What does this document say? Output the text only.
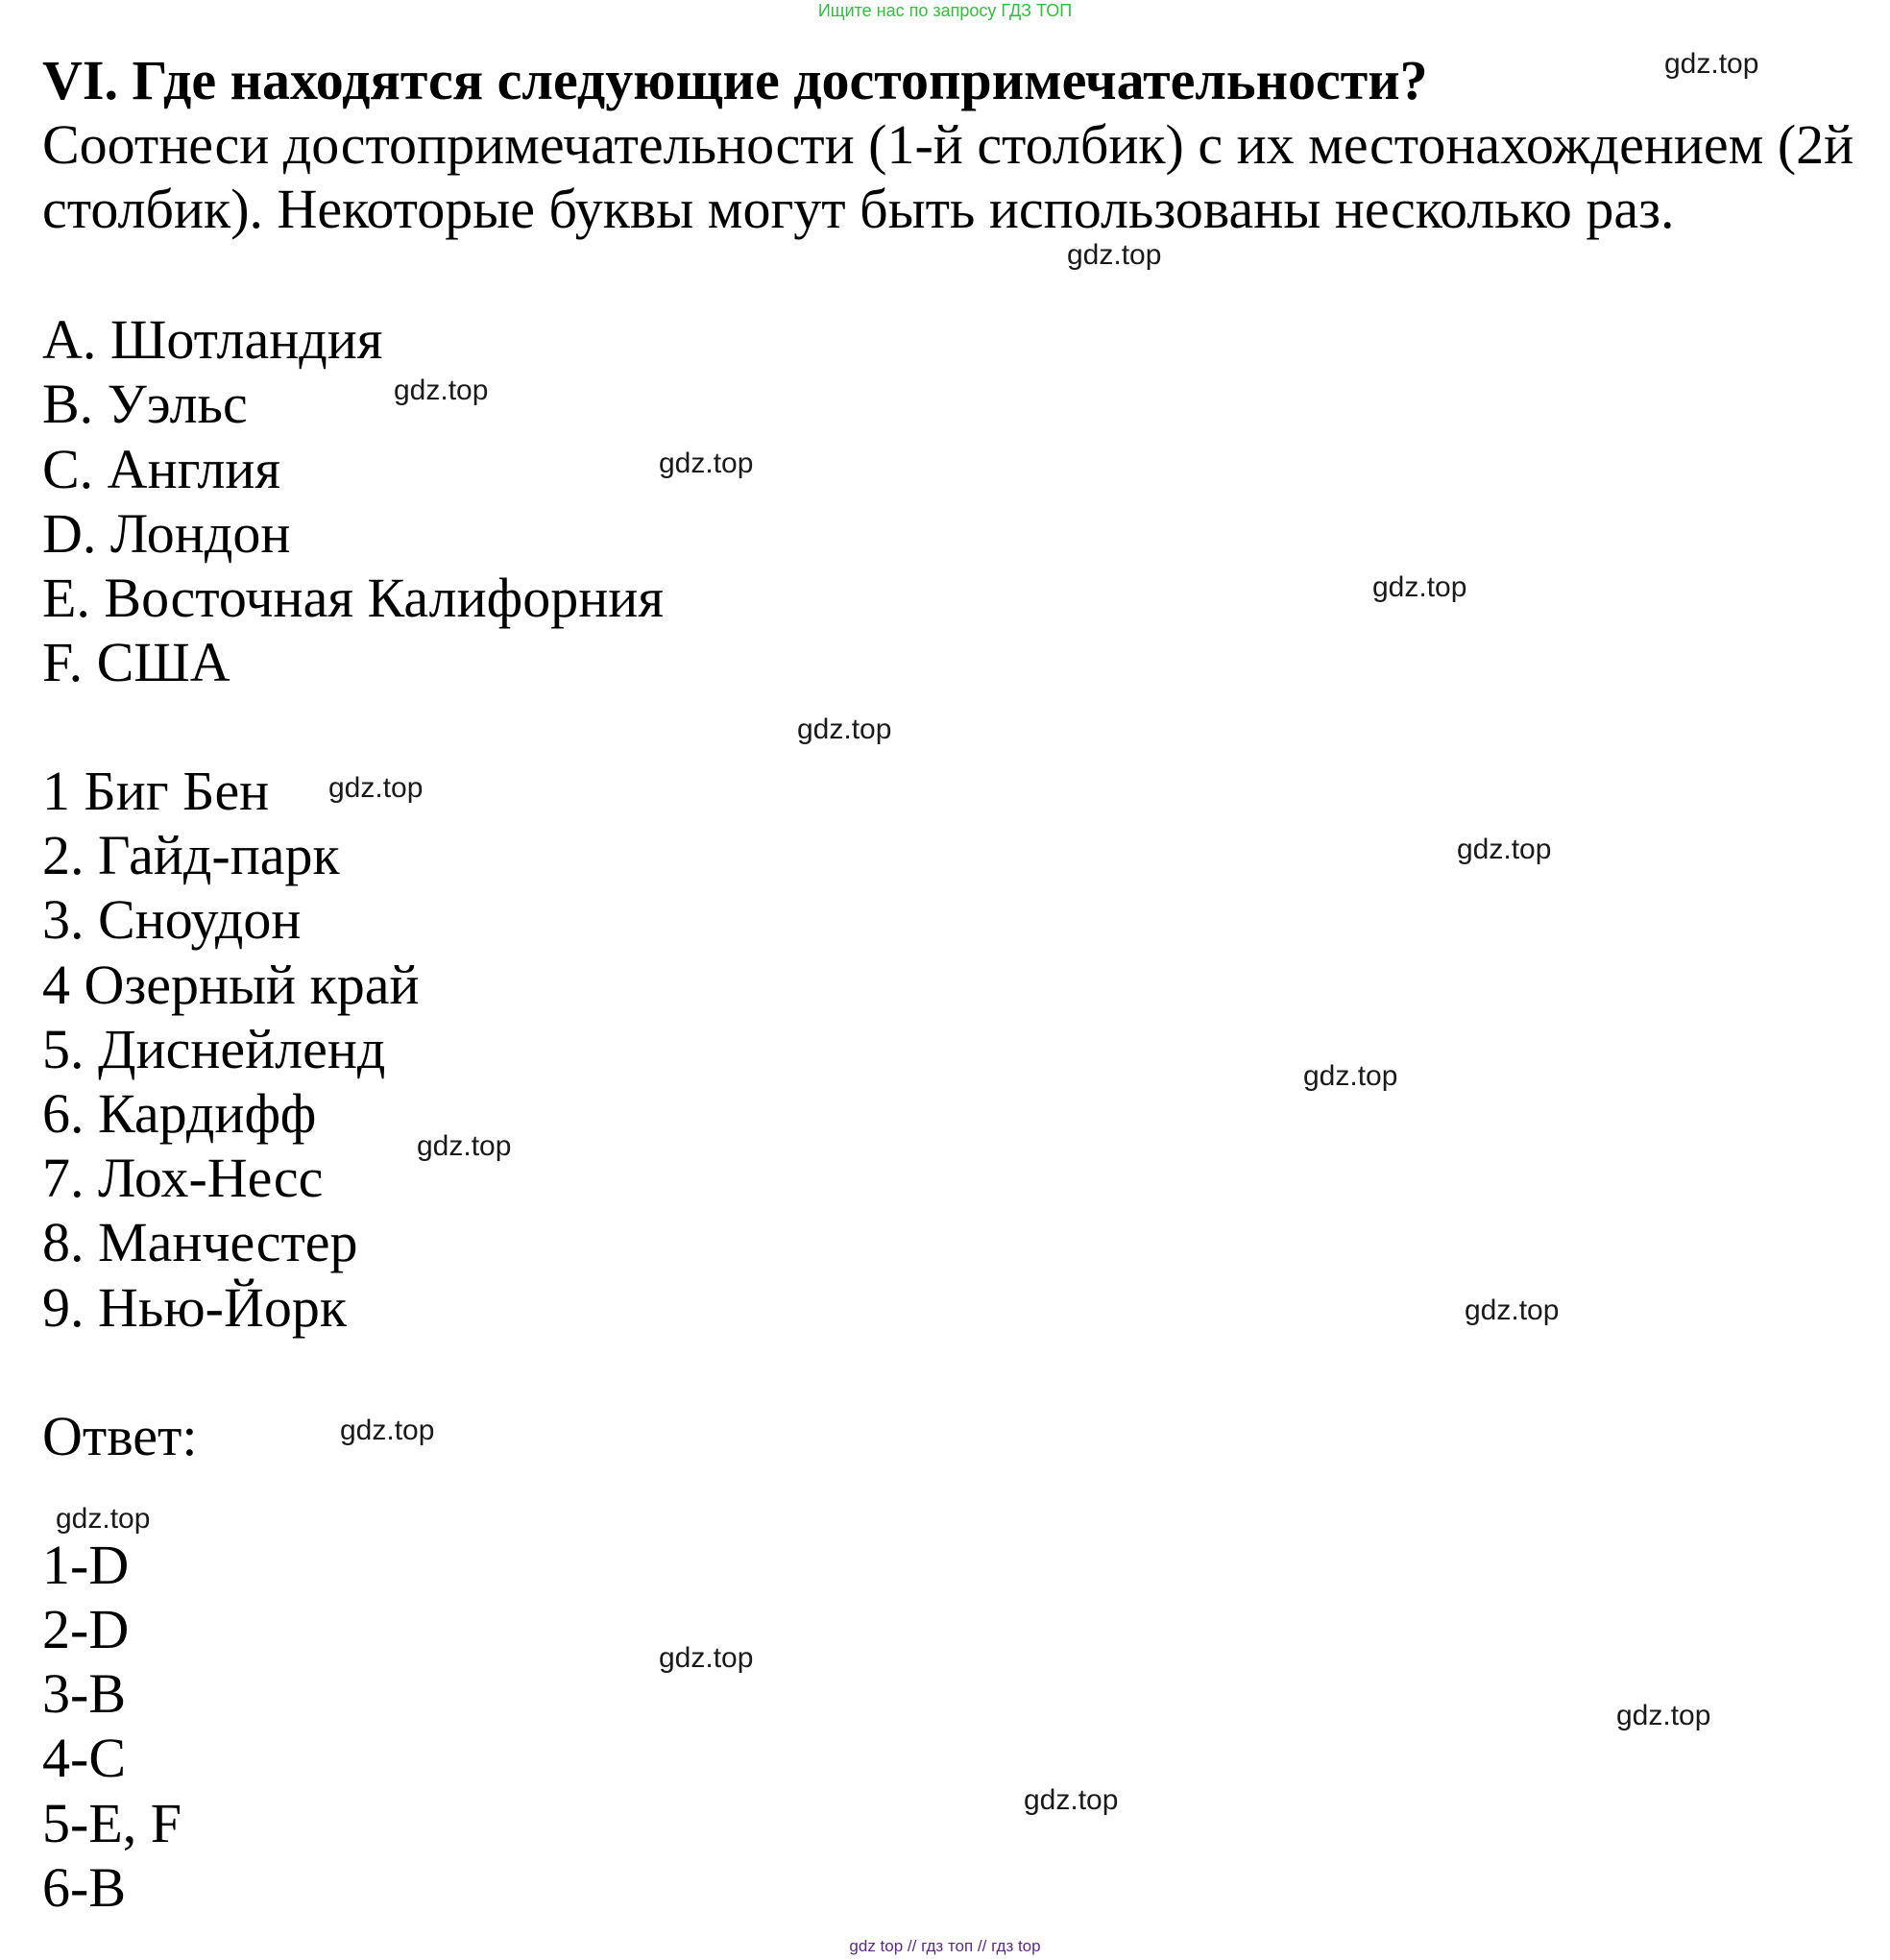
Ищите нас по запросу ГДЗ ТОП
VI. Где находятся следующие достопримечательности?
Соотнеси достопримечательности (1-й столбик) с их местонахождением (2й
столбик). Некоторые буквы могут быть использованы несколько раз.
A. Шотландия
B. Уэльс
C. Англия
D. Лондон
E. Восточная Калифорния
F. США
1 Биг Бен
2. Гайд-парк
3. Сноудон
4 Озерный край
5. Диснейленд
6. Кардифф
7. Лох-Несс
8. Манчестер
9. Нью-Йорк
Ответ:
1-D
2-D
3-B
4-C
5-E, F
6-B
gdz.top
gdz.top
gdz.top
gdz.top
gdz.top
gdz.top
gdz.top
gdz.top
gdz.top
gdz.top
gdz.top
gdz.top
gdz.top
gdz.top
gdz.top
gdz.top
gdz top // гдз топ // гдз top
